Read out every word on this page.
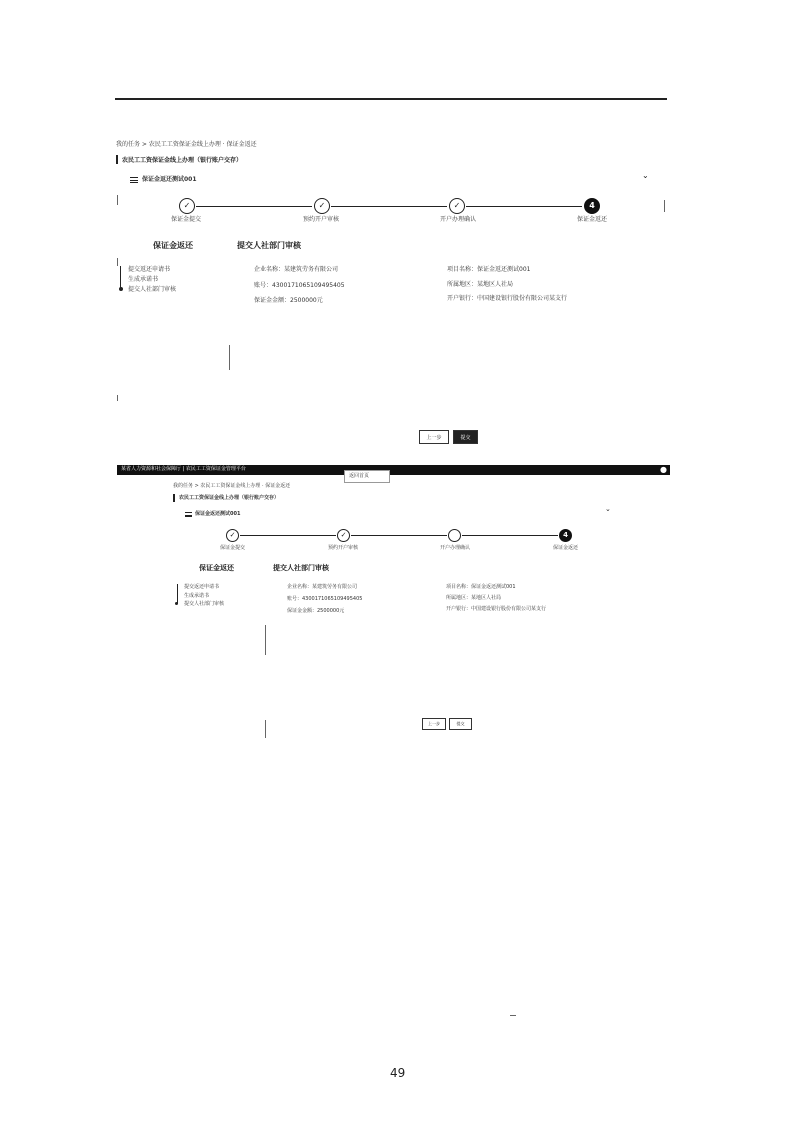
我的任务 > 农民工工资保证金线上办理 · 保证金返还
农民工工资保证金线上办理（银行账户交存）
保证金返还测试001	⌄
✓	✓	✓	4
保证金提交	预约开户审核	开户办理确认	保证金返还
保证金返还	提交人社部门审核
提交返还申请书
生成承诺书
提交人社部门审核
企业名称：某建筑劳务有限公司
账号：4300171065109495405
保证金金额：2500000元
项目名称：保证金返还测试001
所属地区：某地区人社局
开户银行：中国建设银行股份有限公司某支行
上一步	提交
某省人力资源和社会保障厅 | 农民工工资保证金管理平台	●
返回首页
我的任务 > 农民工工资保证金线上办理 · 保证金返还
农民工工资保证金线上办理（银行账户交存）
保证金返还测试001
⌄
✓	✓	4
保证金提交	预约开户审核	开户办理确认	保证金返还
保证金返还	提交人社部门审核
提交返还申请书
生成承诺书
提交人社部门审核
企业名称：某建筑劳务有限公司
账号：4300171065109495405
保证金金额：2500000元
项目名称：保证金返还测试001
所属地区：某地区人社局
开户银行：中国建设银行股份有限公司某支行
上一步	提交
49
